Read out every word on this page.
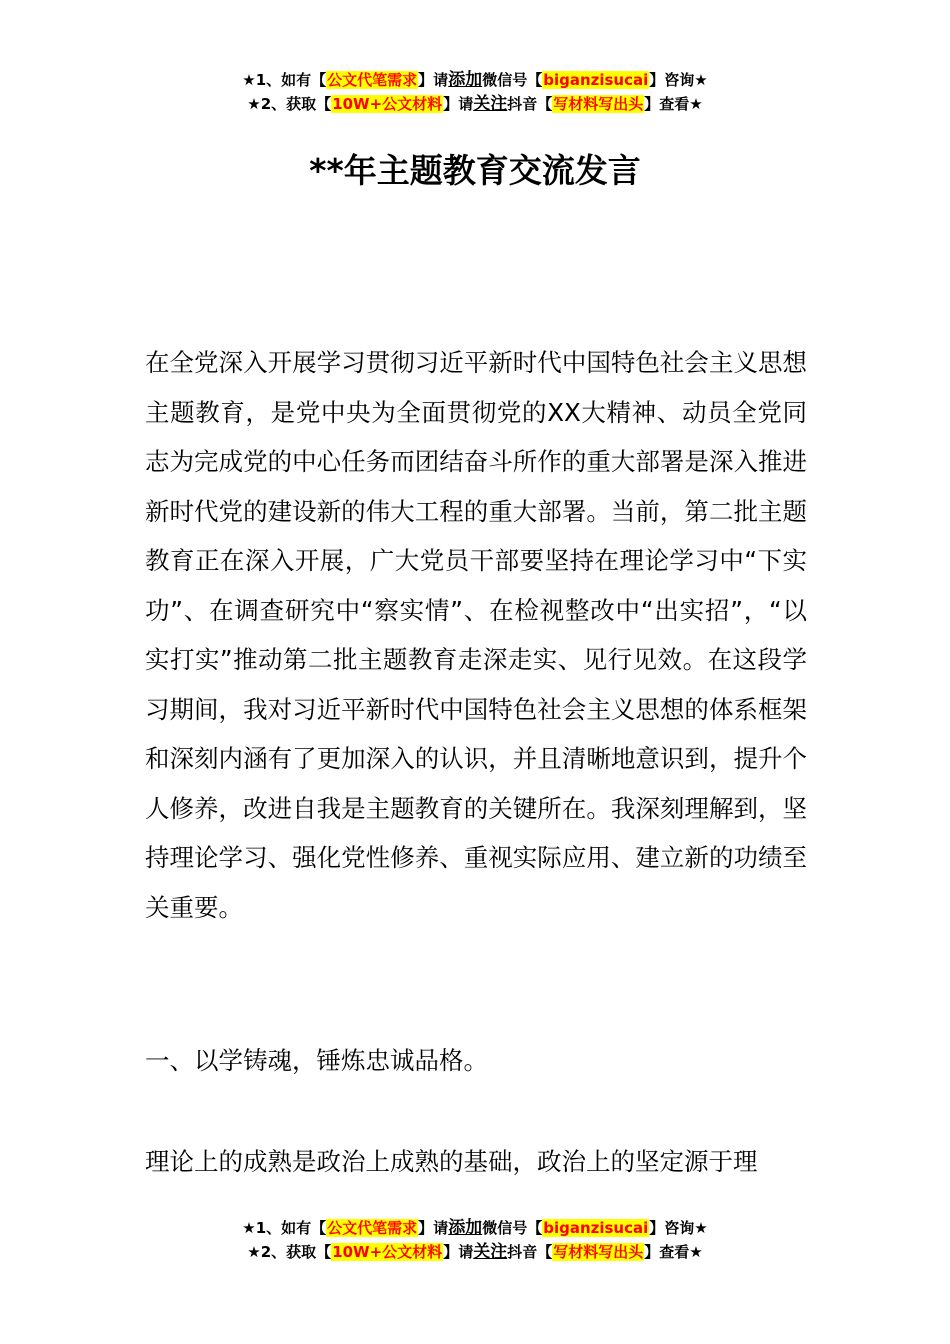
★1、如有【公文代笔需求】请添加微信号【biganzisucai】咨询★
★2、获取【10W+公文材料】请关注抖音【写材料写出头】查看★
**年主题教育交流发言

在全党深入开展学习贯彻习近平新时代中国特色社会主义思想主题教育，是党中央为全面贯彻党的XX大精神、动员全党同志为完成党的中心任务而团结奋斗所作的重大部署是深入推进新时代党的建设新的伟大工程的重大部署。当前，第二批主题教育正在深入开展，广大党员干部要坚持在理论学习中“下实功”、在调查研究中“察实情”、在检视整改中“出实招”，“以实打实”推动第二批主题教育走深走实、见行见效。在这段学习期间，我对习近平新时代中国特色社会主义思想的体系框架和深刻内涵有了更加深入的认识，并且清晰地意识到，提升个人修养，改进自我是主题教育的关键所在。我深刻理解到，坚持理论学习、强化党性修养、重视实际应用、建立新的功绩至关重要。

一、以学铸魂，锤炼忠诚品格。

理论上的成熟是政治上成熟的基础，政治上的坚定源于理

★1、如有【公文代笔需求】请添加微信号【biganzisucai】咨询★
★2、获取【10W+公文材料】请关注抖音【写材料写出头】查看★
